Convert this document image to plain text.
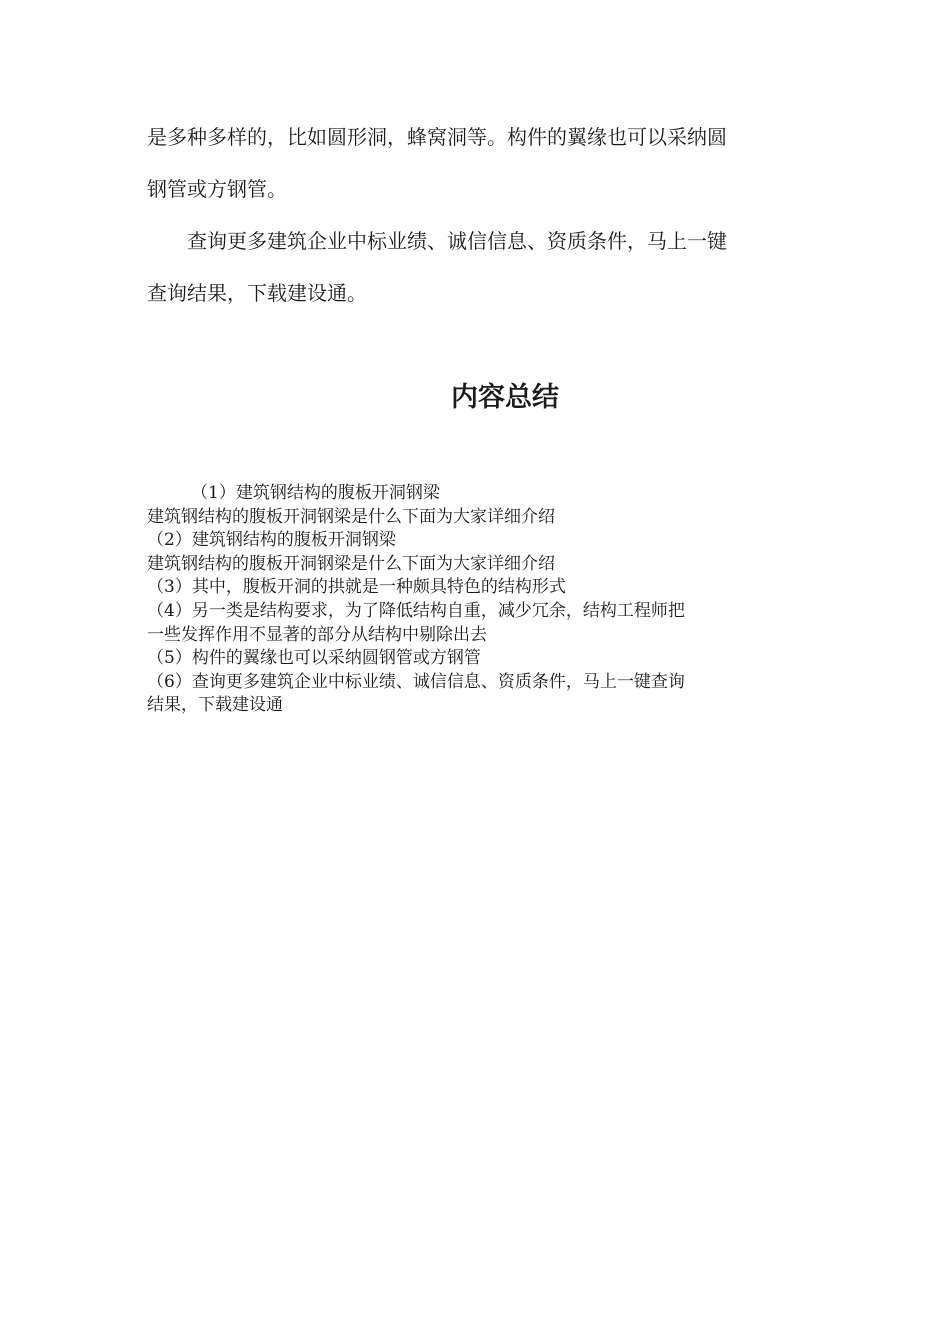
是多种多样的，比如圆形洞，蜂窝洞等。构件的翼缘也可以采纳圆

钢管或方钢管。

　　查询更多建筑企业中标业绩、诚信信息、资质条件，马上一键

查询结果，下载建设通。

内容总结
（1）建筑钢结构的腹板开洞钢梁
建筑钢结构的腹板开洞钢梁是什么下面为大家详细介绍
（2）建筑钢结构的腹板开洞钢梁
建筑钢结构的腹板开洞钢梁是什么下面为大家详细介绍
（3）其中，腹板开洞的拱就是一种颇具特色的结构形式
（4）另一类是结构要求，为了降低结构自重，减少冗余，结构工程师把
一些发挥作用不显著的部分从结构中剔除出去
（5）构件的翼缘也可以采纳圆钢管或方钢管
（6）查询更多建筑企业中标业绩、诚信信息、资质条件，马上一键查询
结果，下载建设通
